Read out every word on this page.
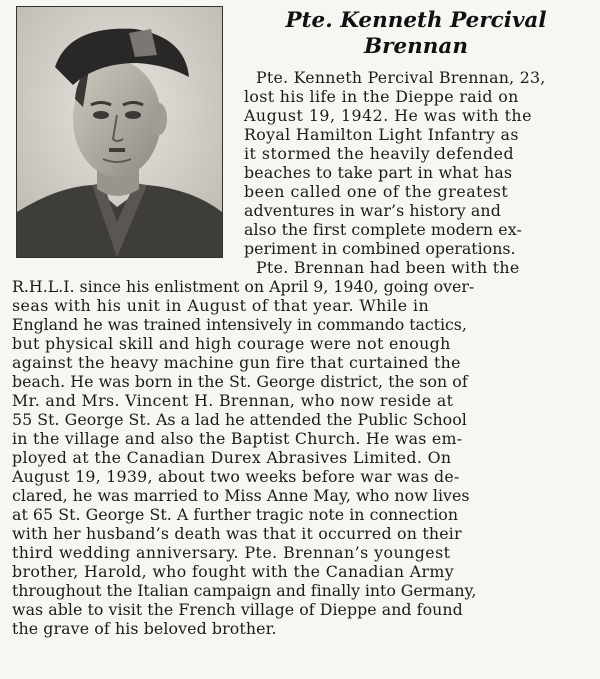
Pte. Kenneth Percival
Brennan
Pte. Kenneth Percival Brennan, 23,
lost his life in the Dieppe raid on
August 19, 1942. He was with the
Royal Hamilton Light Infantry as
it stormed the heavily defended
beaches to take part in what has
been called one of the greatest
adventures in war’s history and
also the first complete modern ex-
periment in combined operations.
Pte. Brennan had been with the
R.H.L.I. since his enlistment on April 9, 1940, going over-
seas with his unit in August of that year. While in
England he was trained intensively in commando tactics,
but physical skill and high courage were not enough
against the heavy machine gun fire that curtained the
beach. He was born in the St. George district, the son of
Mr. and Mrs. Vincent H. Brennan, who now reside at
55 St. George St. As a lad he attended the Public School
in the village and also the Baptist Church. He was em-
ployed at the Canadian Durex Abrasives Limited. On
August 19, 1939, about two weeks before war was de-
clared, he was married to Miss Anne May, who now lives
at 65 St. George St. A further tragic note in connection
with her husband’s death was that it occurred on their
third wedding anniversary. Pte. Brennan’s youngest
brother, Harold, who fought with the Canadian Army
throughout the Italian campaign and finally into Germany,
was able to visit the French village of Dieppe and found
the grave of his beloved brother.
